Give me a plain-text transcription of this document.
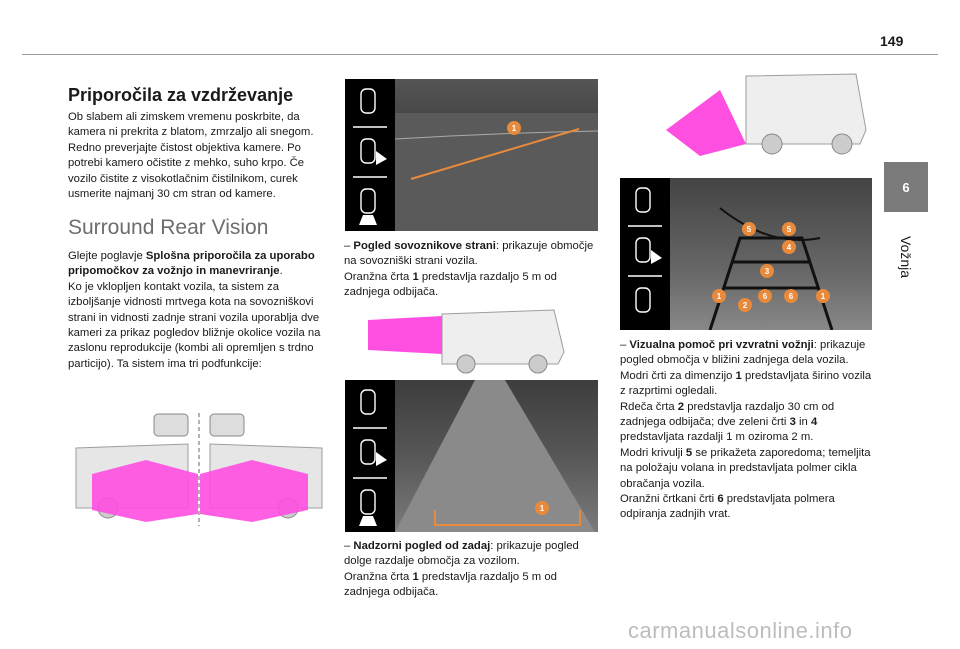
149
6
Vožnja
Priporočila za vzdrževanje

Ob slabem ali zimskem vremenu poskrbite, da kamera ni prekrita z blatom, zmrzaljo ali snegom. Redno preverjajte čistost objektiva kamere. Po potrebi kamero očistite z mehko, suho krpo. Če vozilo čistite z visokotlačnim čistilnikom, curek usmerite najmanj 30 cm stran od kamere.

Surround Rear Vision

Glejte poglavje Splošna priporočila za uporabo pripomočkov za vožnjo in manevriranje.

Ko je vklopljen kontakt vozila, ta sistem za izboljšanje vidnosti mrtvega kota na sovozniškovi strani in vidnosti zadnje strani vozila uporablja dve kameri za prikaz pogledov bližnje okolice vozila na zaslonu reprodukcije (kombi ali opremljen s trdno particijo). Ta sistem ima tri podfunkcije:

1

– Pogled sovoznikove strani: prikazuje območje na sovozniški strani vozila.

Oranžna črta 1 predstavlja razdaljo 5 m od zadnjega odbijača.

1

– Nadzorni pogled od zadaj: prikazuje pogled dolge razdalje območja za vozilom.

Oranžna črta 1 predstavlja razdaljo 5 m od zadnjega odbijača.

5	5
4
3
1	6	6	1
2

– Vizualna pomoč pri vzvratni vožnji: prikazuje pogled območja v bližini zadnjega dela vozila.

Modri črti za dimenzijo 1 predstavljata širino vozila z razprtimi ogledali.

Rdeča črta 2 predstavlja razdaljo 30 cm od zadnjega odbijača; dve zeleni črti 3 in 4 predstavljata razdalji 1 m oziroma 2 m.

Modri krivulji 5 se prikažeta zaporedoma; temeljita na položaju volana in predstavljata polmer cikla obračanja vozila.

Oranžni črtkani črti 6 predstavljata polmera odpiranja zadnjih vrat.

carmanualsonline.info
